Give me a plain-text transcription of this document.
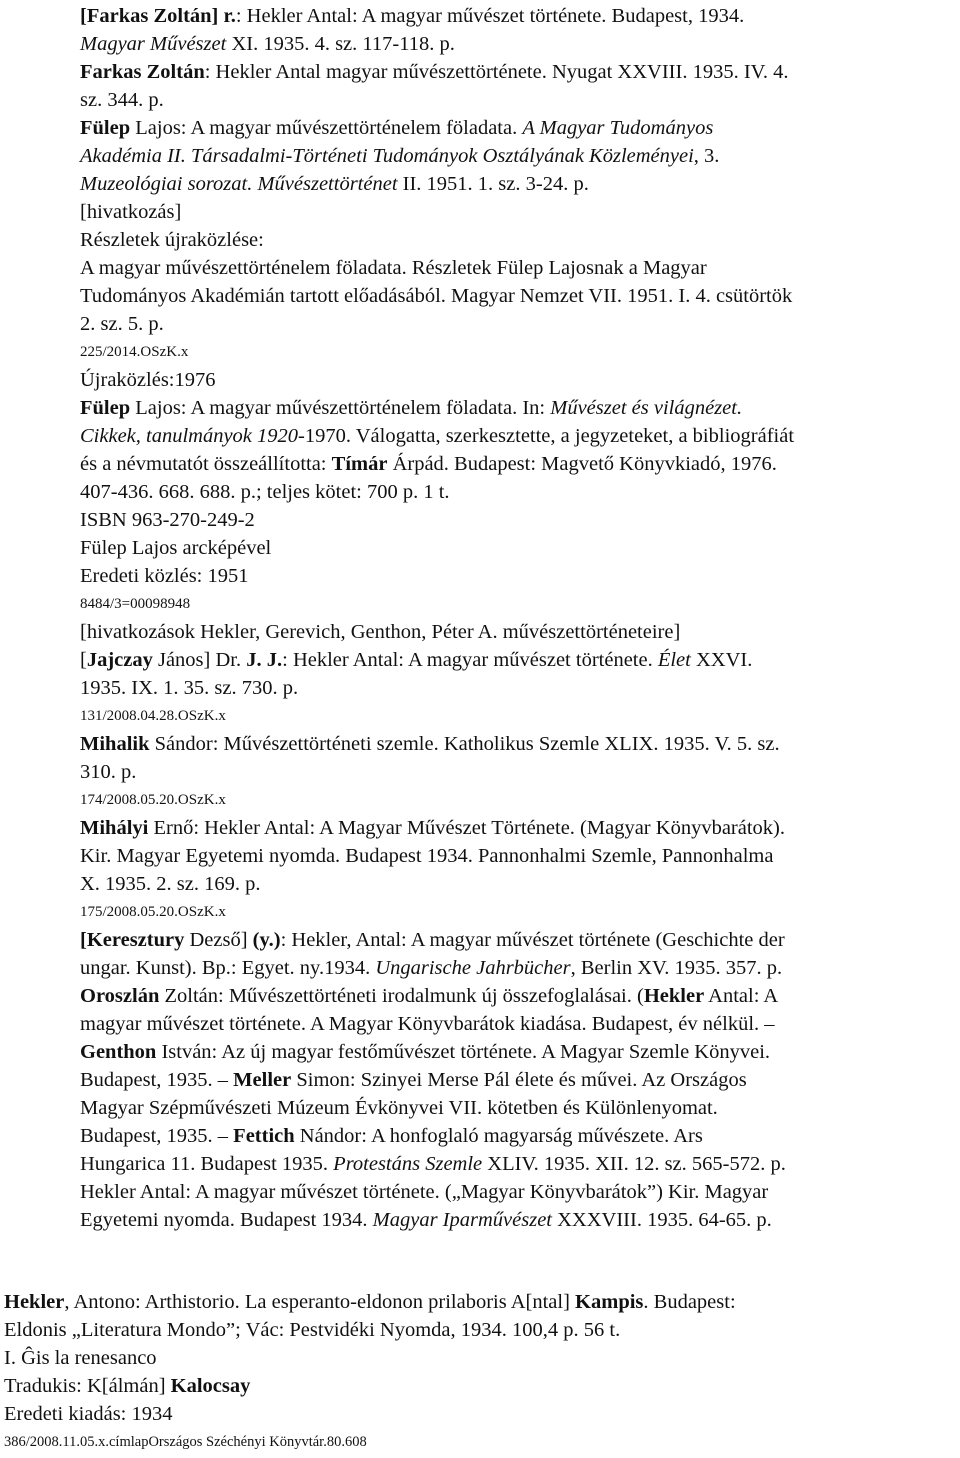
[Farkas Zoltán] r.: Hekler Antal: A magyar művészet története. Budapest, 1934.
Magyar Művészet XI. 1935. 4. sz. 117-118. p.
Farkas Zoltán: Hekler Antal magyar művészettörténete. Nyugat XXVIII. 1935. IV. 4.
sz. 344. p.
Fülep Lajos: A magyar művészettörténelem föladata. A Magyar Tudományos
Akadémia II. Társadalmi-Történeti Tudományok Osztályának Közleményei, 3.
Muzeológiai sorozat. Művészettörténet II. 1951. 1. sz. 3-24. p.
[hivatkozás]
Részletek újraközlése:
A magyar művészettörténelem föladata. Részletek Fülep Lajosnak a Magyar
Tudományos Akadémián tartott előadásából. Magyar Nemzet VII. 1951. I. 4. csütörtök
2. sz. 5. p.
225/2014.OSzK.x
Újraközlés:1976
Fülep Lajos: A magyar művészettörténelem föladata. In: Művészet és világnézet.
Cikkek, tanulmányok 1920-1970. Válogatta, szerkesztette, a jegyzeteket, a bibliográfiát
és a névmutatót összeállította: Tímár Árpád. Budapest: Magvető Könyvkiadó, 1976.
407-436. 668. 688. p.; teljes kötet: 700 p. 1 t.
ISBN 963-270-249-2
Fülep Lajos arcképével
Eredeti közlés: 1951
8484/3=00098948
[hivatkozások Hekler, Gerevich, Genthon, Péter A. művészettörténeteire]
[Jajczay János] Dr. J. J.: Hekler Antal: A magyar művészet története. Élet XXVI.
1935. IX. 1. 35. sz. 730. p.
131/2008.04.28.OSzK.x
Mihalik Sándor: Művészettörténeti szemle. Katholikus Szemle XLIX. 1935. V. 5. sz.
310. p.
174/2008.05.20.OSzK.x
Mihályi Ernő: Hekler Antal: A Magyar Művészet Története. (Magyar Könyvbarátok).
Kir. Magyar Egyetemi nyomda. Budapest 1934. Pannonhalmi Szemle, Pannonhalma
X. 1935. 2. sz. 169. p.
175/2008.05.20.OSzK.x
[Keresztury Dezső] (y.): Hekler, Antal: A magyar művészet története (Geschichte der
ungar. Kunst). Bp.: Egyet. ny.1934. Ungarische Jahrbücher, Berlin XV. 1935. 357. p.
Oroszlán Zoltán: Művészettörténeti irodalmunk új összefoglalásai. (Hekler Antal: A
magyar művészet története. A Magyar Könyvbarátok kiadása. Budapest, év nélkül. –
Genthon István: Az új magyar festőművészet története. A Magyar Szemle Könyvei.
Budapest, 1935. – Meller Simon: Szinyei Merse Pál élete és művei. Az Országos
Magyar Szépművészeti Múzeum Évkönyvei VII. kötetben és Különlenyomat.
Budapest, 1935. – Fettich Nándor: A honfoglaló magyarság művészete. Ars
Hungarica 11. Budapest 1935. Protestáns Szemle XLIV. 1935. XII. 12. sz. 565-572. p.
Hekler Antal: A magyar művészet története. („Magyar Könyvbarátok”) Kir. Magyar
Egyetemi nyomda. Budapest 1934. Magyar Iparművészet XXXVIII. 1935. 64-65. p.
Hekler, Antono: Arthistorio. La esperanto-eldonon prilaboris A[ntal] Kampis. Budapest:
Eldonis „Literatura Mondo”; Vác: Pestvidéki Nyomda, 1934. 100,4 p. 56 t.
I. Ĝis la renesanco
Tradukis: K[álmán] Kalocsay
Eredeti kiadás: 1934
386/2008.11.05.x.címlapOrszágos Széchényi Könyvtár.80.608
